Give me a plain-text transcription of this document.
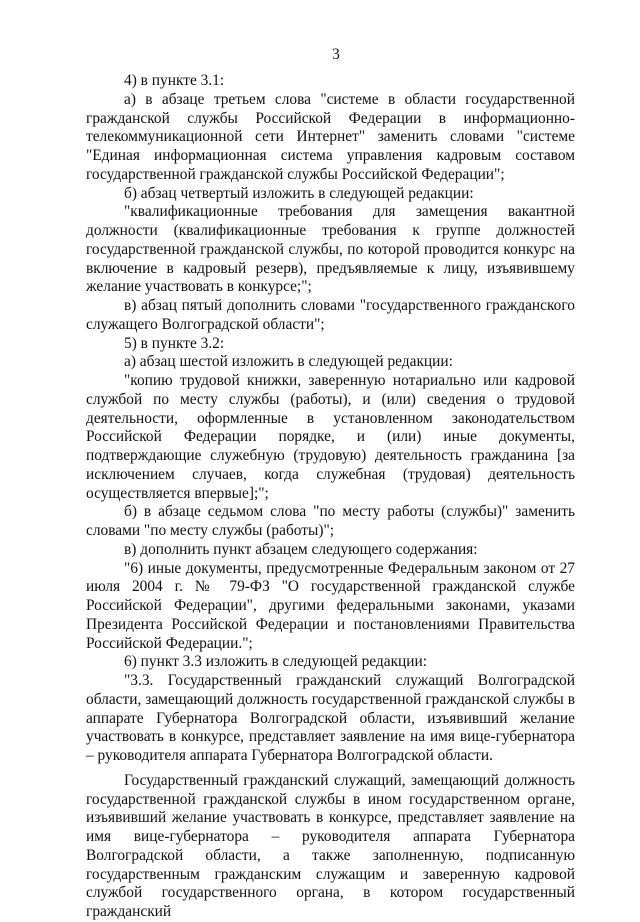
3

4) в пункте 3.1:

а) в абзаце третьем слова "системе в области государственной гражданской службы Российской Федерации в информационно-телекоммуникационной сети Интернет" заменить словами "системе "Единая информационная система управления кадровым составом государственной гражданской службы Российской Федерации";

б) абзац четвертый изложить в следующей редакции:

"квалификационные требования для замещения вакантной должности (квалификационные требования к группе должностей государственной гражданской службы, по которой проводится конкурс на включение в кадровый резерв), предъявляемые к лицу, изъявившему желание участвовать в конкурсе;";

в) абзац пятый дополнить словами "государственного гражданского служащего Волгоградской области";

5) в пункте 3.2:

а) абзац шестой изложить в следующей редакции:

"копию трудовой книжки, заверенную нотариально или кадровой службой по месту службы (работы), и (или) сведения о трудовой деятельности, оформленные в установленном законодательством Российской Федерации порядке, и (или) иные документы, подтверждающие служебную (трудовую) деятельность гражданина [за исключением случаев, когда служебная (трудовая) деятельность осуществляется впервые];";

б) в абзаце седьмом слова "по месту работы (службы)" заменить словами "по месту службы (работы)";

в) дополнить пункт абзацем следующего содержания:

"6) иные документы, предусмотренные Федеральным законом от 27 июля 2004 г. № 79-ФЗ "О государственной гражданской службе Российской Федерации", другими федеральными законами, указами Президента Российской Федерации и постановлениями Правительства Российской Федерации.";

6) пункт 3.3 изложить в следующей редакции:

"3.3. Государственный гражданский служащий Волгоградской области, замещающий должность государственной гражданской службы в аппарате Губернатора Волгоградской области, изъявивший желание участвовать в конкурсе, представляет заявление на имя вице-губернатора – руководителя аппарата Губернатора Волгоградской области.

Государственный гражданский служащий, замещающий должность государственной гражданской службы в ином государственном органе, изъявивший желание участвовать в конкурсе, представляет заявление на имя вице-губернатора – руководителя аппарата Губернатора Волгоградской области, а также заполненную, подписанную государственным гражданским служащим и заверенную кадровой службой государственного органа, в котором государственный гражданский
